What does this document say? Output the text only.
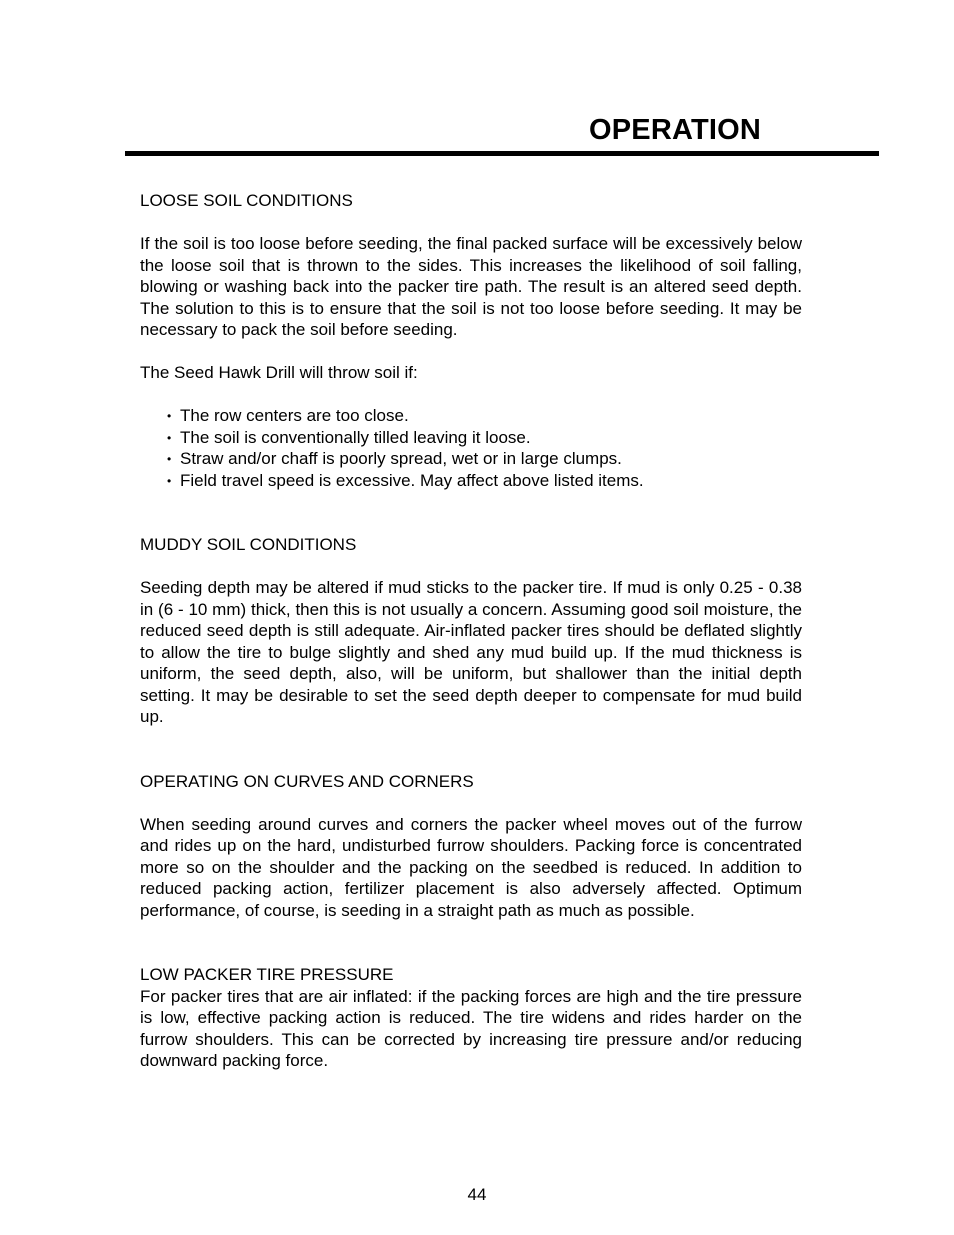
OPERATION
LOOSE SOIL CONDITIONS

If the soil is too loose before seeding, the final packed surface will be excessively below the loose soil that is thrown to the sides. This increases the likelihood of soil falling, blowing or washing back into the packer tire path. The result is an altered seed depth. The solution to this is to ensure that the soil is not too loose before seeding. It may be necessary to pack the soil before seeding.

The Seed Hawk Drill will throw soil if:

• The row centers are too close.
• The soil is conventionally tilled leaving it loose.
• Straw and/or chaff is poorly spread, wet or in large clumps.
• Field travel speed is excessive. May affect above listed items.
MUDDY SOIL CONDITIONS

Seeding depth may be altered if mud sticks to the packer tire. If mud is only 0.25 - 0.38 in (6 - 10 mm) thick, then this is not usually a concern. Assuming good soil moisture, the reduced seed depth is still adequate. Air-inflated packer tires should be deflated slightly to allow the tire to bulge slightly and shed any mud build up. If the mud thickness is uniform, the seed depth, also, will be uniform, but shallower than the initial depth setting. It may be desirable to set the seed depth deeper to compensate for mud build up.

OPERATING ON CURVES AND CORNERS

When seeding around curves and corners the packer wheel moves out of the furrow and rides up on the hard, undisturbed furrow shoulders. Packing force is concentrated more so on the shoulder and the packing on the seedbed is reduced. In addition to reduced packing action, fertilizer placement is also adversely affected. Optimum performance, of course, is seeding in a straight path as much as possible.

LOW PACKER TIRE PRESSURE

For packer tires that are air inflated: if the packing forces are high and the tire pressure is low, effective packing action is reduced. The tire widens and rides harder on the furrow shoulders. This can be corrected by increasing tire pressure and/or reducing downward packing force.

44
